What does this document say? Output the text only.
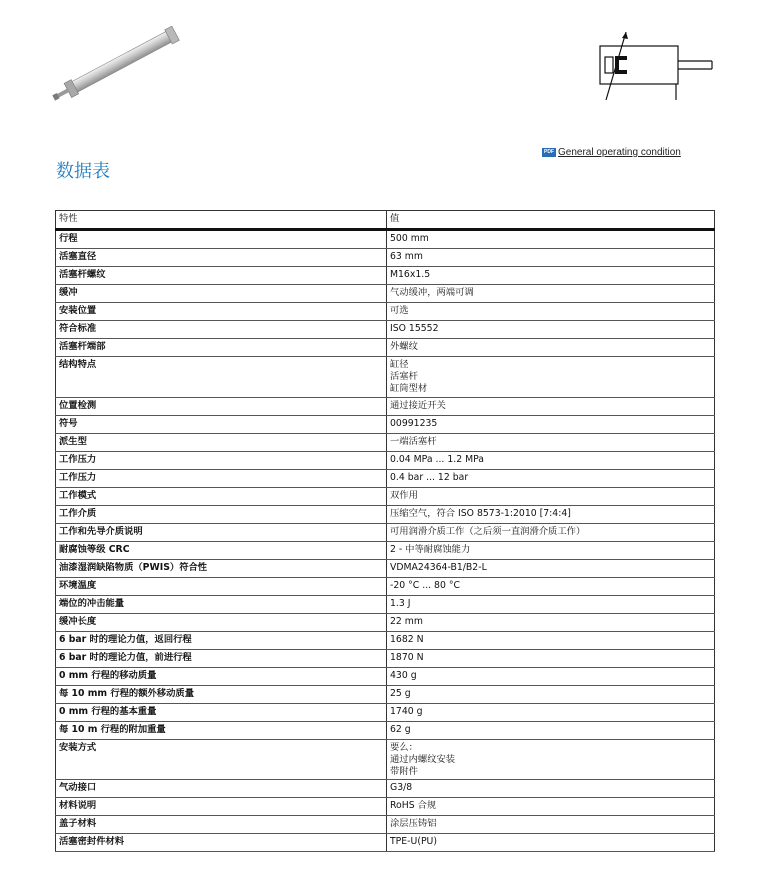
PDF General operating condition
数据表
特性	值
行程	500 mm

活塞直径	63 mm

活塞杆螺纹	M16x1.5

缓冲	气动缓冲，两端可调

安装位置	可选

符合标准	ISO 15552

活塞杆端部	外螺纹

结构特点	缸径
活塞杆
缸筒型材

位置检测	通过接近开关

符号	00991235

派生型	一端活塞杆

工作压力	0.04 MPa ... 1.2 MPa

工作压力	0.4 bar ... 12 bar

工作模式	双作用

工作介质	压缩空气，符合 ISO 8573-1:2010 [7:4:4]

工作和先导介质说明	可用润滑介质工作（之后须一直润滑介质工作）

耐腐蚀等级 CRC	2 - 中等耐腐蚀能力

油漆湿润缺陷物质（PWIS）符合性	VDMA24364-B1/B2-L

环境温度	-20 °C ... 80 °C

端位的冲击能量	1.3 J

缓冲长度	22 mm

6 bar 时的理论力值，返回行程	1682 N

6 bar 时的理论力值，前进行程	1870 N

0 mm 行程的移动质量	430 g

每 10 mm 行程的额外移动质量	25 g

0 mm 行程的基本重量	1740 g

每 10 m 行程的附加重量	62 g

安装方式	要么：
通过内螺纹安装
带附件

气动接口	G3/8

材料说明	RoHS 合规

盖子材料	涂层压铸铝

活塞密封件材料	TPE-U(PU)
